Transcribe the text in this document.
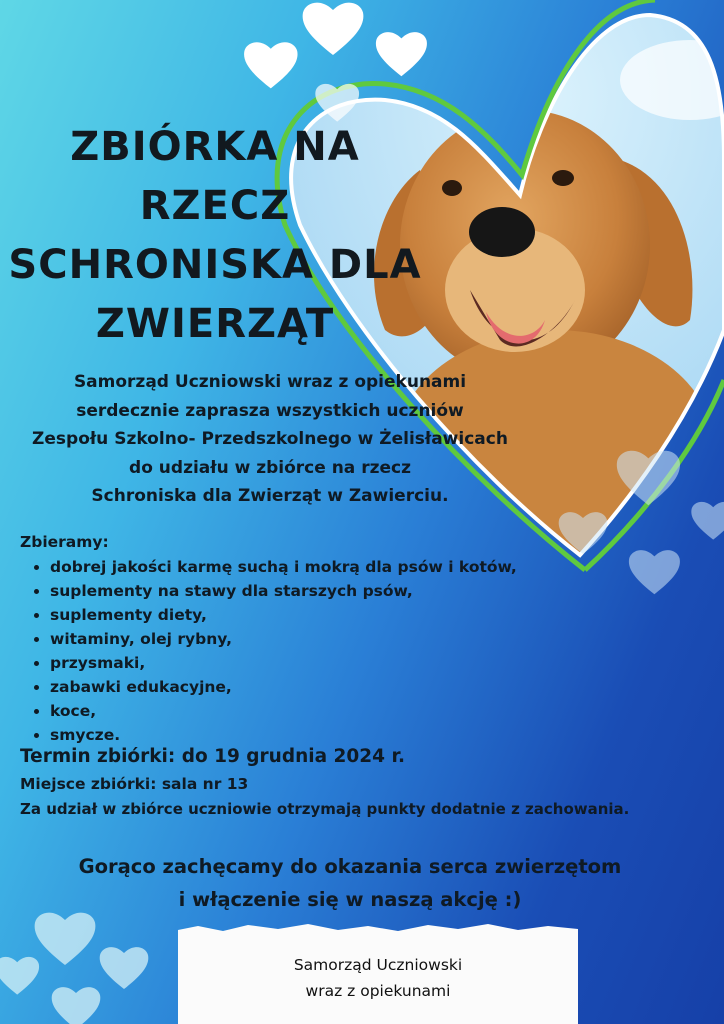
ZBIÓRKA NA RZECZ
SCHRONISKA DLA
ZWIERZĄT

Samorząd Uczniowski wraz z opiekunami
serdecznie zaprasza wszystkich uczniów
Zespołu Szkolno- Przedszkolnego w Żelisławicach
do udziału w zbiórce na rzecz
Schroniska dla Zwierząt w Zawierciu.

Zbieramy:

• dobrej jakości karmę suchą i mokrą dla psów i kotów,
• suplementy na stawy dla starszych psów,
• suplementy diety,
• witaminy, olej rybny,
• przysmaki,
• zabawki edukacyjne,
• koce,
• smycze.

Termin zbiórki: do 19 grudnia 2024 r.

Miejsce zbiórki: sala nr 13

Za udział w zbiórce uczniowie otrzymają punkty dodatnie z zachowania.

Gorąco zachęcamy do okazania serca zwierzętom
i włączenie się w naszą akcję :)

Samorząd Uczniowski
wraz z opiekunami
